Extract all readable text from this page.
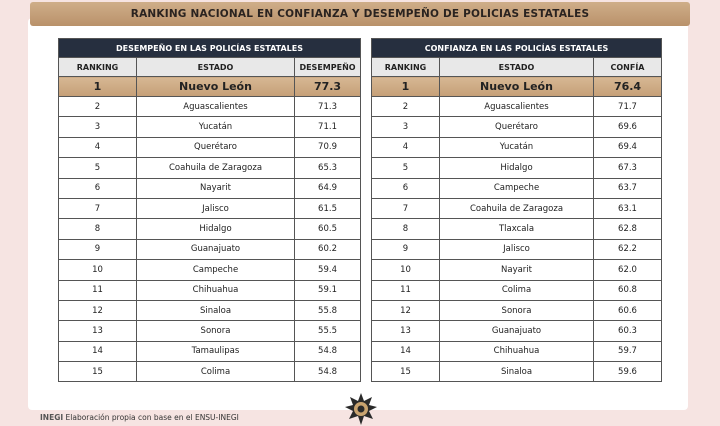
RANKING NACIONAL EN CONFIANZA Y DESEMPEÑO DE POLICIAS ESTATALES
DESEMPEÑO EN LAS POLICÍAS ESTATALES		
RANKING	ESTADO	DESEMPEÑO
1	Nuevo León	77.3
2	Aguascalientes	71.3
3	Yucatán	71.1
4	Querétaro	70.9
5	Coahuila de Zaragoza	65.3
6	Nayarit	64.9
7	Jalisco	61.5
8	Hidalgo	60.5
9	Guanajuato	60.2
10	Campeche	59.4
11	Chihuahua	59.1
12	Sinaloa	55.8
13	Sonora	55.5
14	Tamaulipas	54.8
15	Colima	54.8
CONFIANZA EN LAS POLICÍAS ESTATALES		
RANKING	ESTADO	CONFÍA
1	Nuevo León	76.4
2	Aguascalientes	71.7
3	Querétaro	69.6
4	Yucatán	69.4
5	Hidalgo	67.3
6	Campeche	63.7
7	Coahuila de Zaragoza	63.1
8	Tlaxcala	62.8
9	Jalisco	62.2
10	Nayarit	62.0
11	Colima	60.8
12	Sonora	60.6
13	Guanajuato	60.3
14	Chihuahua	59.7
15	Sinaloa	59.6
INEGI Elaboración propia con base en el ENSU-INEGI
